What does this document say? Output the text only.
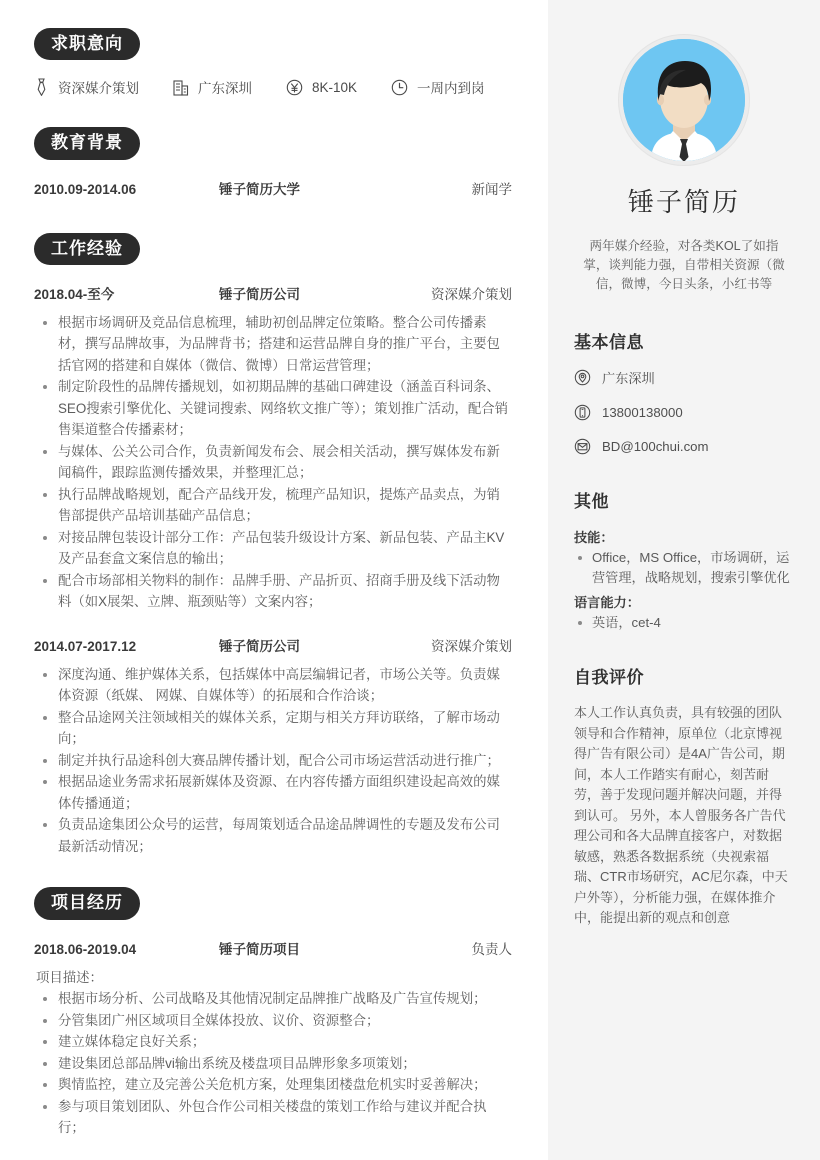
求职意向
资深媒介策划	广东深圳	8K-10K	一周内到岗
教育背景
2010.09-2014.06	锤子简历大学	新闻学
工作经验
2018.04-至今	锤子简历公司	资深媒介策划
根据市场调研及竞品信息梳理，辅助初创品牌定位策略。整合公司传播素材，撰写品牌故事，为品牌背书；搭建和运营品牌自身的推广平台，主要包括官网的搭建和自媒体（微信、微博）日常运营管理；
制定阶段性的品牌传播规划，如初期品牌的基础口碑建设（涵盖百科词条、SEO搜索引擎优化、关键词搜索、网络软文推广等）；策划推广活动，配合销售渠道整合传播素材；
与媒体、公关公司合作，负责新闻发布会、展会相关活动，撰写媒体发布新闻稿件，跟踪监测传播效果，并整理汇总；
执行品牌战略规划，配合产品线开发，梳理产品知识，提炼产品卖点，为销售部提供产品培训基础产品信息；
对接品牌包装设计部分工作：产品包装升级设计方案、新品包装、产品主KV及产品套盒文案信息的输出；
配合市场部相关物料的制作：品牌手册、产品折页、招商手册及线下活动物料（如X展架、立牌、瓶颈贴等）文案内容；
2014.07-2017.12	锤子简历公司	资深媒介策划
深度沟通、维护媒体关系，包括媒体中高层编辑记者，市场公关等。负责媒体资源（纸媒、 网媒、自媒体等）的拓展和合作洽谈；
整合品途网关注领域相关的媒体关系，定期与相关方拜访联络，了解市场动向；
制定并执行品途科创大赛品牌传播计划，配合公司市场运营活动进行推广；
根据品途业务需求拓展新媒体及资源、在内容传播方面组织建设起高效的媒体传播通道；
负责品途集团公众号的运营，每周策划适合品途品牌调性的专题及发布公司最新活动情况；
项目经历
2018.06-2019.04	锤子简历项目	负责人
项目描述：
根据市场分析、公司战略及其他情况制定品牌推广战略及广告宣传规划；
分管集团广州区域项目全媒体投放、议价、资源整合；
建立媒体稳定良好关系；
建设集团总部品牌vi输出系统及楼盘项目品牌形象多项策划；
舆情监控，建立及完善公关危机方案，处理集团楼盘危机实时妥善解决；
参与项目策划团队、外包合作公司相关楼盘的策划工作给与建议并配合执行；
锤子简历
两年媒介经验，对各类KOL了如指掌，谈判能力强，自带相关资源（微信，微博，今日头条，小红书等
基本信息
广东深圳
13800138000
BD@100chui.com
其他
技能：
Office，MS Office，市场调研，运营管理，战略规划，搜索引擎优化
语言能力：
英语，cet-4
自我评价
本人工作认真负责，具有较强的团队领导和合作精神，原单位（北京博视得广告有限公司）是4A广告公司，期间，本人工作踏实有耐心，刻苦耐劳，善于发现问题并解决问题，并得到认可。 另外，本人曾服务各广告代理公司和各大品牌直接客户，对数据敏感，熟悉各数据系统（央视索福瑞、CTR市场研究，AC尼尔森，中天户外等），分析能力强，在媒体推介中，能提出新的观点和创意
